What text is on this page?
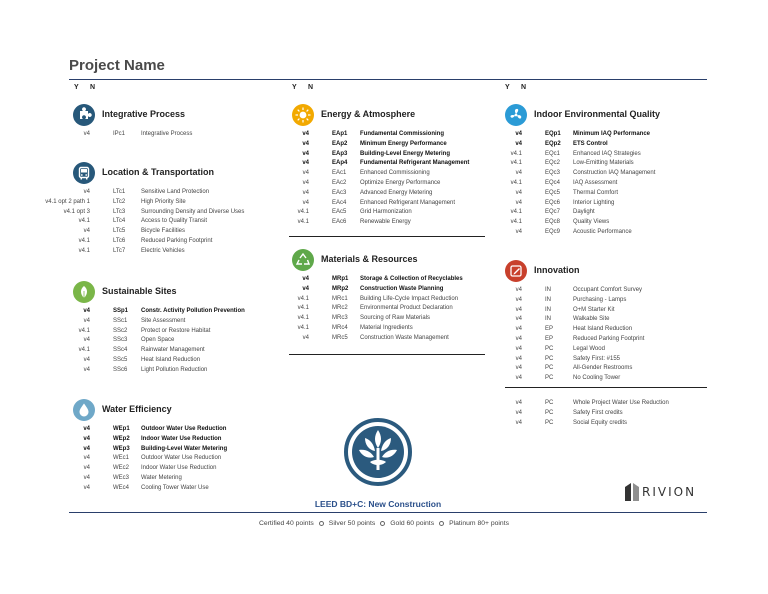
Project Name
Y N	Y N	Y N
Integrative Process
v4	IPc1	Integrative Process
Location & Transportation
v4	LTc1	Sensitive Land Protection
v4.1 opt 2 path 1	LTc2	High Priority Site
v4.1 opt 3	LTc3	Surrounding Density and Diverse Uses
v4.1	LTc4	Access to Quality Transit
v4	LTc5	Bicycle Facilities
v4.1	LTc6	Reduced Parking Footprint
v4.1	LTc7	Electric Vehicles
Sustainable Sites
v4	SSp1 Constr. Activity Pollution Prevention
v4	SSc1 Site Assessment
v4.1	SSc2 Protect or Restore Habitat
v4	SSc3 Open Space
v4.1	SSc4 Rainwater Management
v4	SSc5 Heat Island Reduction
v4	SSc6 Light Pollution Reduction
Water Efficiency
v4	WEp1 Outdoor Water Use Reduction
v4	WEp2 Indoor Water Use Reduction
v4	WEp3 Building-Level Water Metering
v4	WEc1 Outdoor Water Use Reduction
v4	WEc2 Indoor Water Use Reduction
v4	WEc3 Water Metering
v4	WEc4 Cooling Tower Water Use
Energy & Atmosphere
v4	EAp1 Fundamental Commissioning
v4	EAp2 Minimum Energy Performance
v4	EAp3 Building-Level Energy Metering
v4	EAp4 Fundamental Refrigerant Management
v4	EAc1 Enhanced Commissioning
v4	EAc2 Optimize Energy Performance
v4	EAc3 Advanced Energy Metering
v4	EAc4 Enhanced Refrigerant Management
v4.1	EAc5 Grid Harmonization
v4.1	EAc6 Renewable Energy
Materials & Resources
v4	MRp1 Storage & Collection of Recyclables
v4	MRp2 Construction Waste Planning
v4.1	MRc1 Building Life-Cycle Impact Reduction
v4.1	MRc2 Environmental Product Declaration
v4.1	MRc3 Sourcing of Raw Materials
v4.1	MRc4 Material Ingredients
v4	MRc5 Construction Waste Management
Indoor Environmental Quality
v4	EQp1 Minimum IAQ Performance
v4	EQp2 ETS Control
v4.1	EQc1 Enhanced IAQ Strategies
v4.1	EQc2 Low-Emitting Materials
v4	EQc3 Construction IAQ Management
v4.1	EQc4 IAQ Assessment
v4	EQc5 Thermal Comfort
v4	EQc6 Interior Lighting
v4.1	EQc7 Daylight
v4.1	EQc8 Quality Views
v4	EQc9 Acoustic Performance
Innovation
v4	IN	Occupant Comfort Survey
v4	IN	Purchasing - Lamps
v4	IN	O+M Starter Kit
v4	IN	Walkable Site
v4	EP	Heat Island Reduction
v4	EP	Reduced Parking Footprint
v4	PC	Legal Wood
v4	PC	Safety First: #155
v4	PC	All-Gender Restrooms
v4	PC	No Cooling Tower
v4	PC	Whole Project Water Use Reduction
v4	PC	Safety First credits
v4	PC	Social Equity credits
LEED BD+C: New Construction
RIVION
Certified 40 points Silver 50 points Gold 60 points Platinum 80+ points
